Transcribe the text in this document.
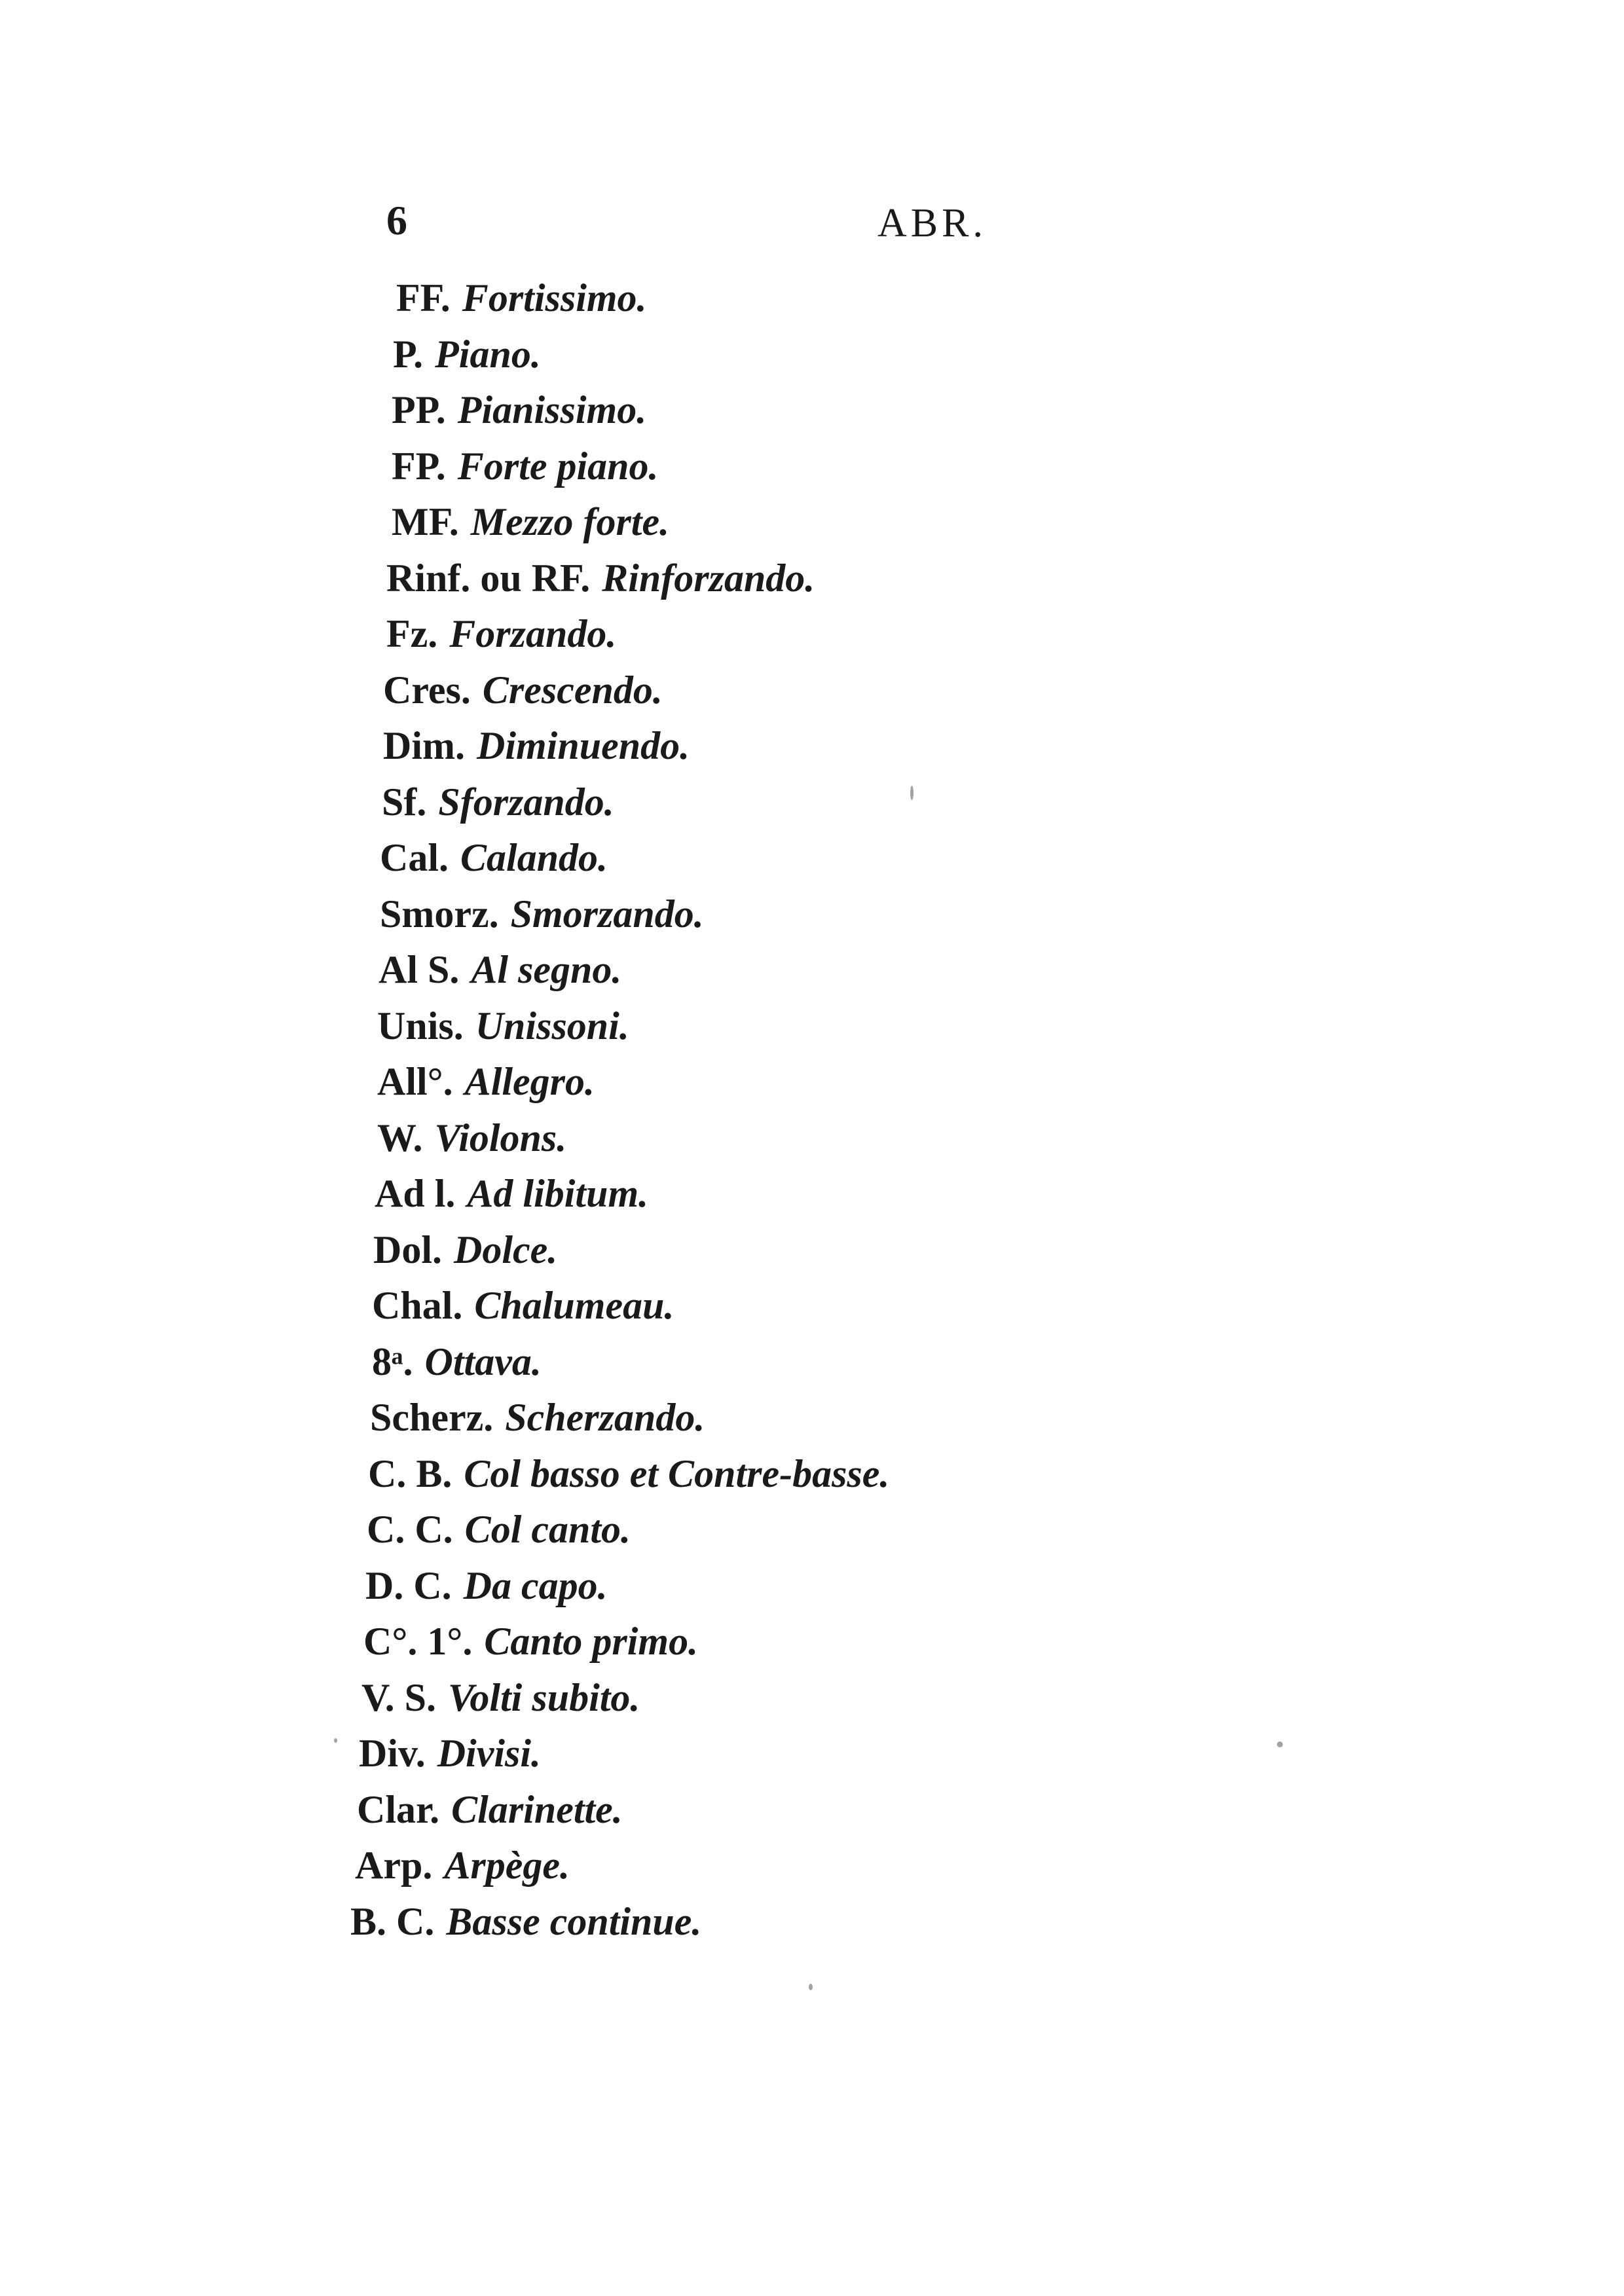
6	ABR.
FF. Fortissimo.
P. Piano.
PP. Pianissimo.
FP. Forte piano.
MF. Mezzo forte.
Rinf. ou RF. Rinforzando.
Fz. Forzando.
Cres. Crescendo.
Dim. Diminuendo.
Sf. Sforzando.
Cal. Calando.
Smorz. Smorzando.
Al S. Al segno.
Unis. Unissoni.
All°. Allegro.
W. Violons.
Ad l. Ad libitum.
Dol. Dolce.
Chal. Chalumeau.
8ᵃ. Ottava.
Scherz. Scherzando.
C. B. Col basso et Contre-basse.
C. C. Col canto.
D. C. Da capo.
C°. 1°. Canto primo.
V. S. Volti subito.
Div. Divisi.
Clar. Clarinette.
Arp. Arpège.
B. C. Basse continue.
